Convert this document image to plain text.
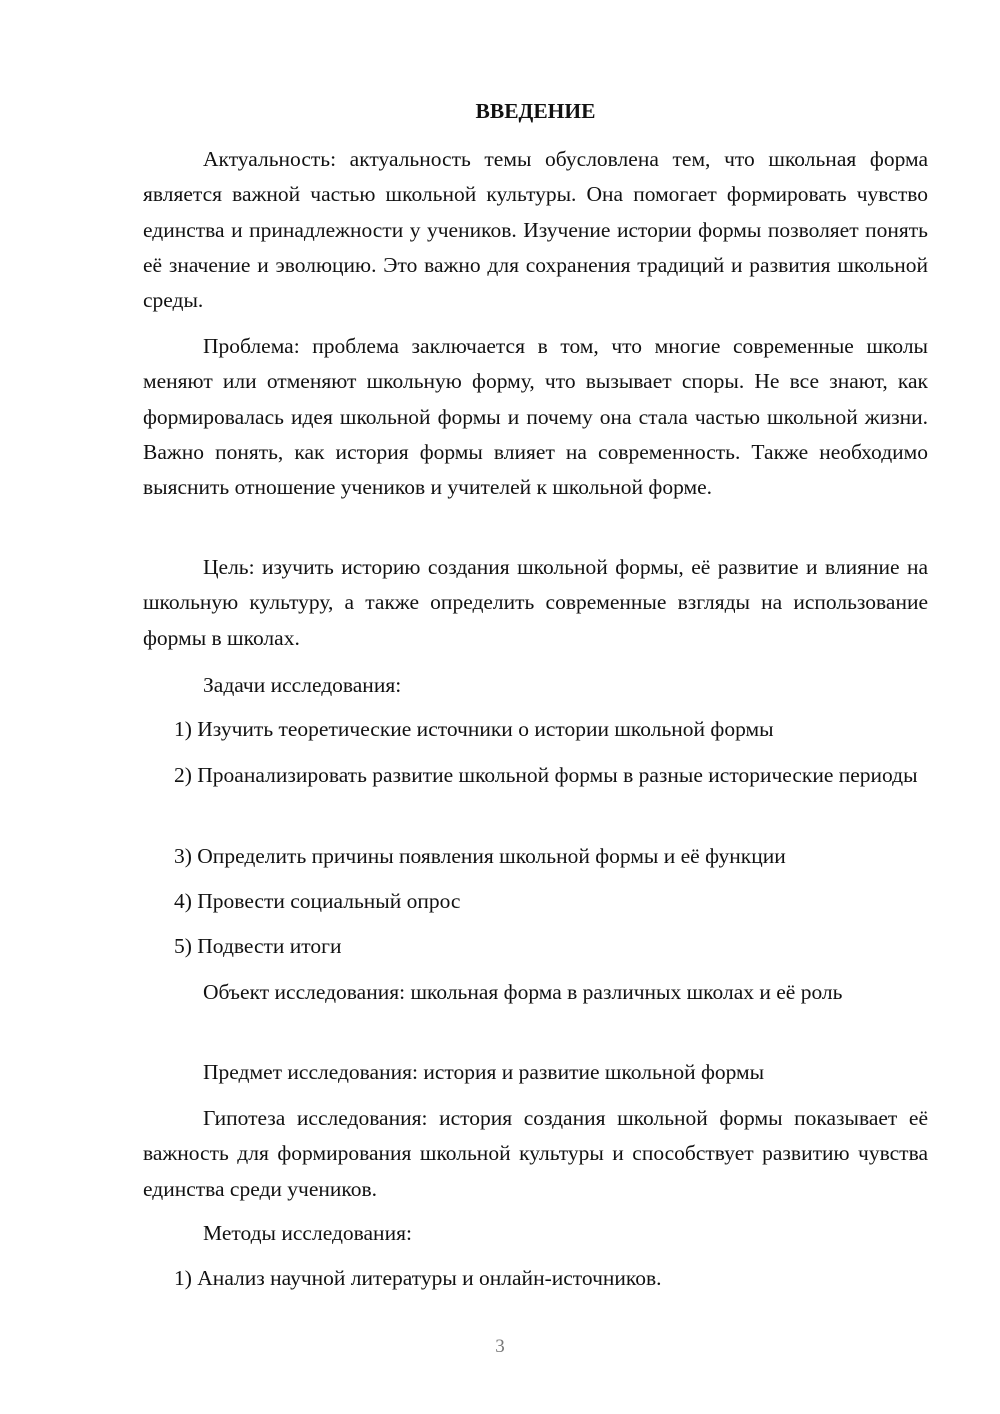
ВВЕДЕНИЕ

Актуальность: актуальность темы обусловлена тем, что школьная форма является важной частью школьной культуры. Она помогает формировать чувство единства и принадлежности у учеников. Изучение истории формы позволяет понять её значение и эволюцию. Это важно для сохранения традиций и развития школьной среды.

Проблема: проблема заключается в том, что многие современные школы меняют или отменяют школьную форму, что вызывает споры. Не все знают, как формировалась идея школьной формы и почему она стала частью школьной жизни. Важно понять, как история формы влияет на современность. Также необходимо выяснить отношение учеников и учителей к школьной форме.

Цель: изучить историю создания школьной формы, её развитие и влияние на школьную культуру, а также определить современные взгляды на использование формы в школах.

Задачи исследования:

1) Изучить теоретические источники о истории школьной формы

2) Проанализировать развитие школьной формы в разные исторические периоды

3) Определить причины появления школьной формы и её функции

4) Провести социальный опрос

5) Подвести итоги

Объект исследования: школьная форма в различных школах и её роль

Предмет исследования: история и развитие школьной формы

Гипотеза исследования: история создания школьной формы показывает её важность для формирования школьной культуры и способствует развитию чувства единства среди учеников.

Методы исследования:

1) Анализ научной литературы и онлайн-источников.

3
